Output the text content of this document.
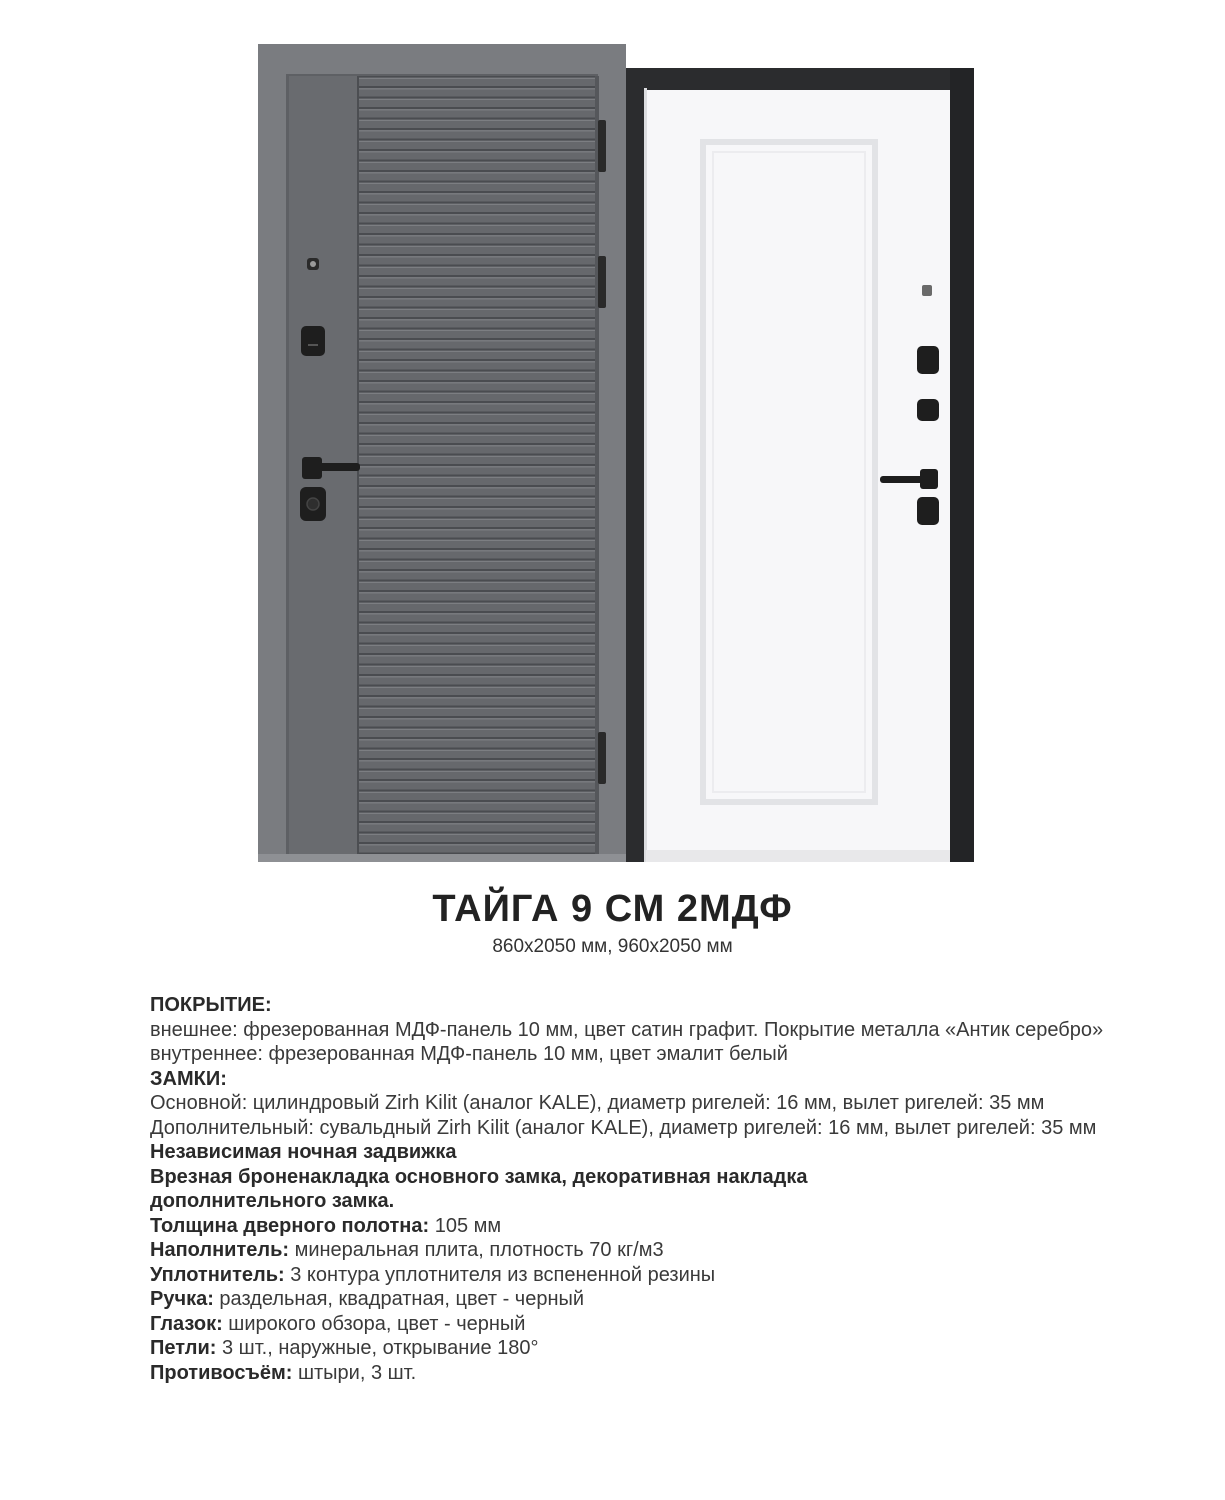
ТАЙГА 9 СМ 2МДФ
860х2050 мм, 960х2050 мм
ПОКРЫТИЕ:
внешнее: фрезерованная МДФ-панель 10 мм, цвет сатин графит. Покрытие металла «Антик серебро»
внутреннее: фрезерованная МДФ-панель 10 мм, цвет эмалит белый
ЗАМКИ:
Основной: цилиндровый Zirh Kilit (аналог KALE), диаметр ригелей: 16 мм, вылет ригелей: 35 мм
Дополнительный: сувальдный Zirh Kilit (аналог KALE), диаметр ригелей: 16 мм, вылет ригелей: 35 мм
Независимая ночная задвижка
Врезная броненакладка основного замка, декоративная накладка дополнительного замка.
Толщина дверного полотна: 105 мм
Наполнитель: минеральная плита, плотность 70 кг/м3
Уплотнитель: 3 контура уплотнителя из вспененной резины
Ручка: раздельная, квадратная, цвет - черный
Глазок: широкого обзора, цвет - черный
Петли: 3 шт., наружные, открывание 180°
Противосъём: штыри, 3 шт.
